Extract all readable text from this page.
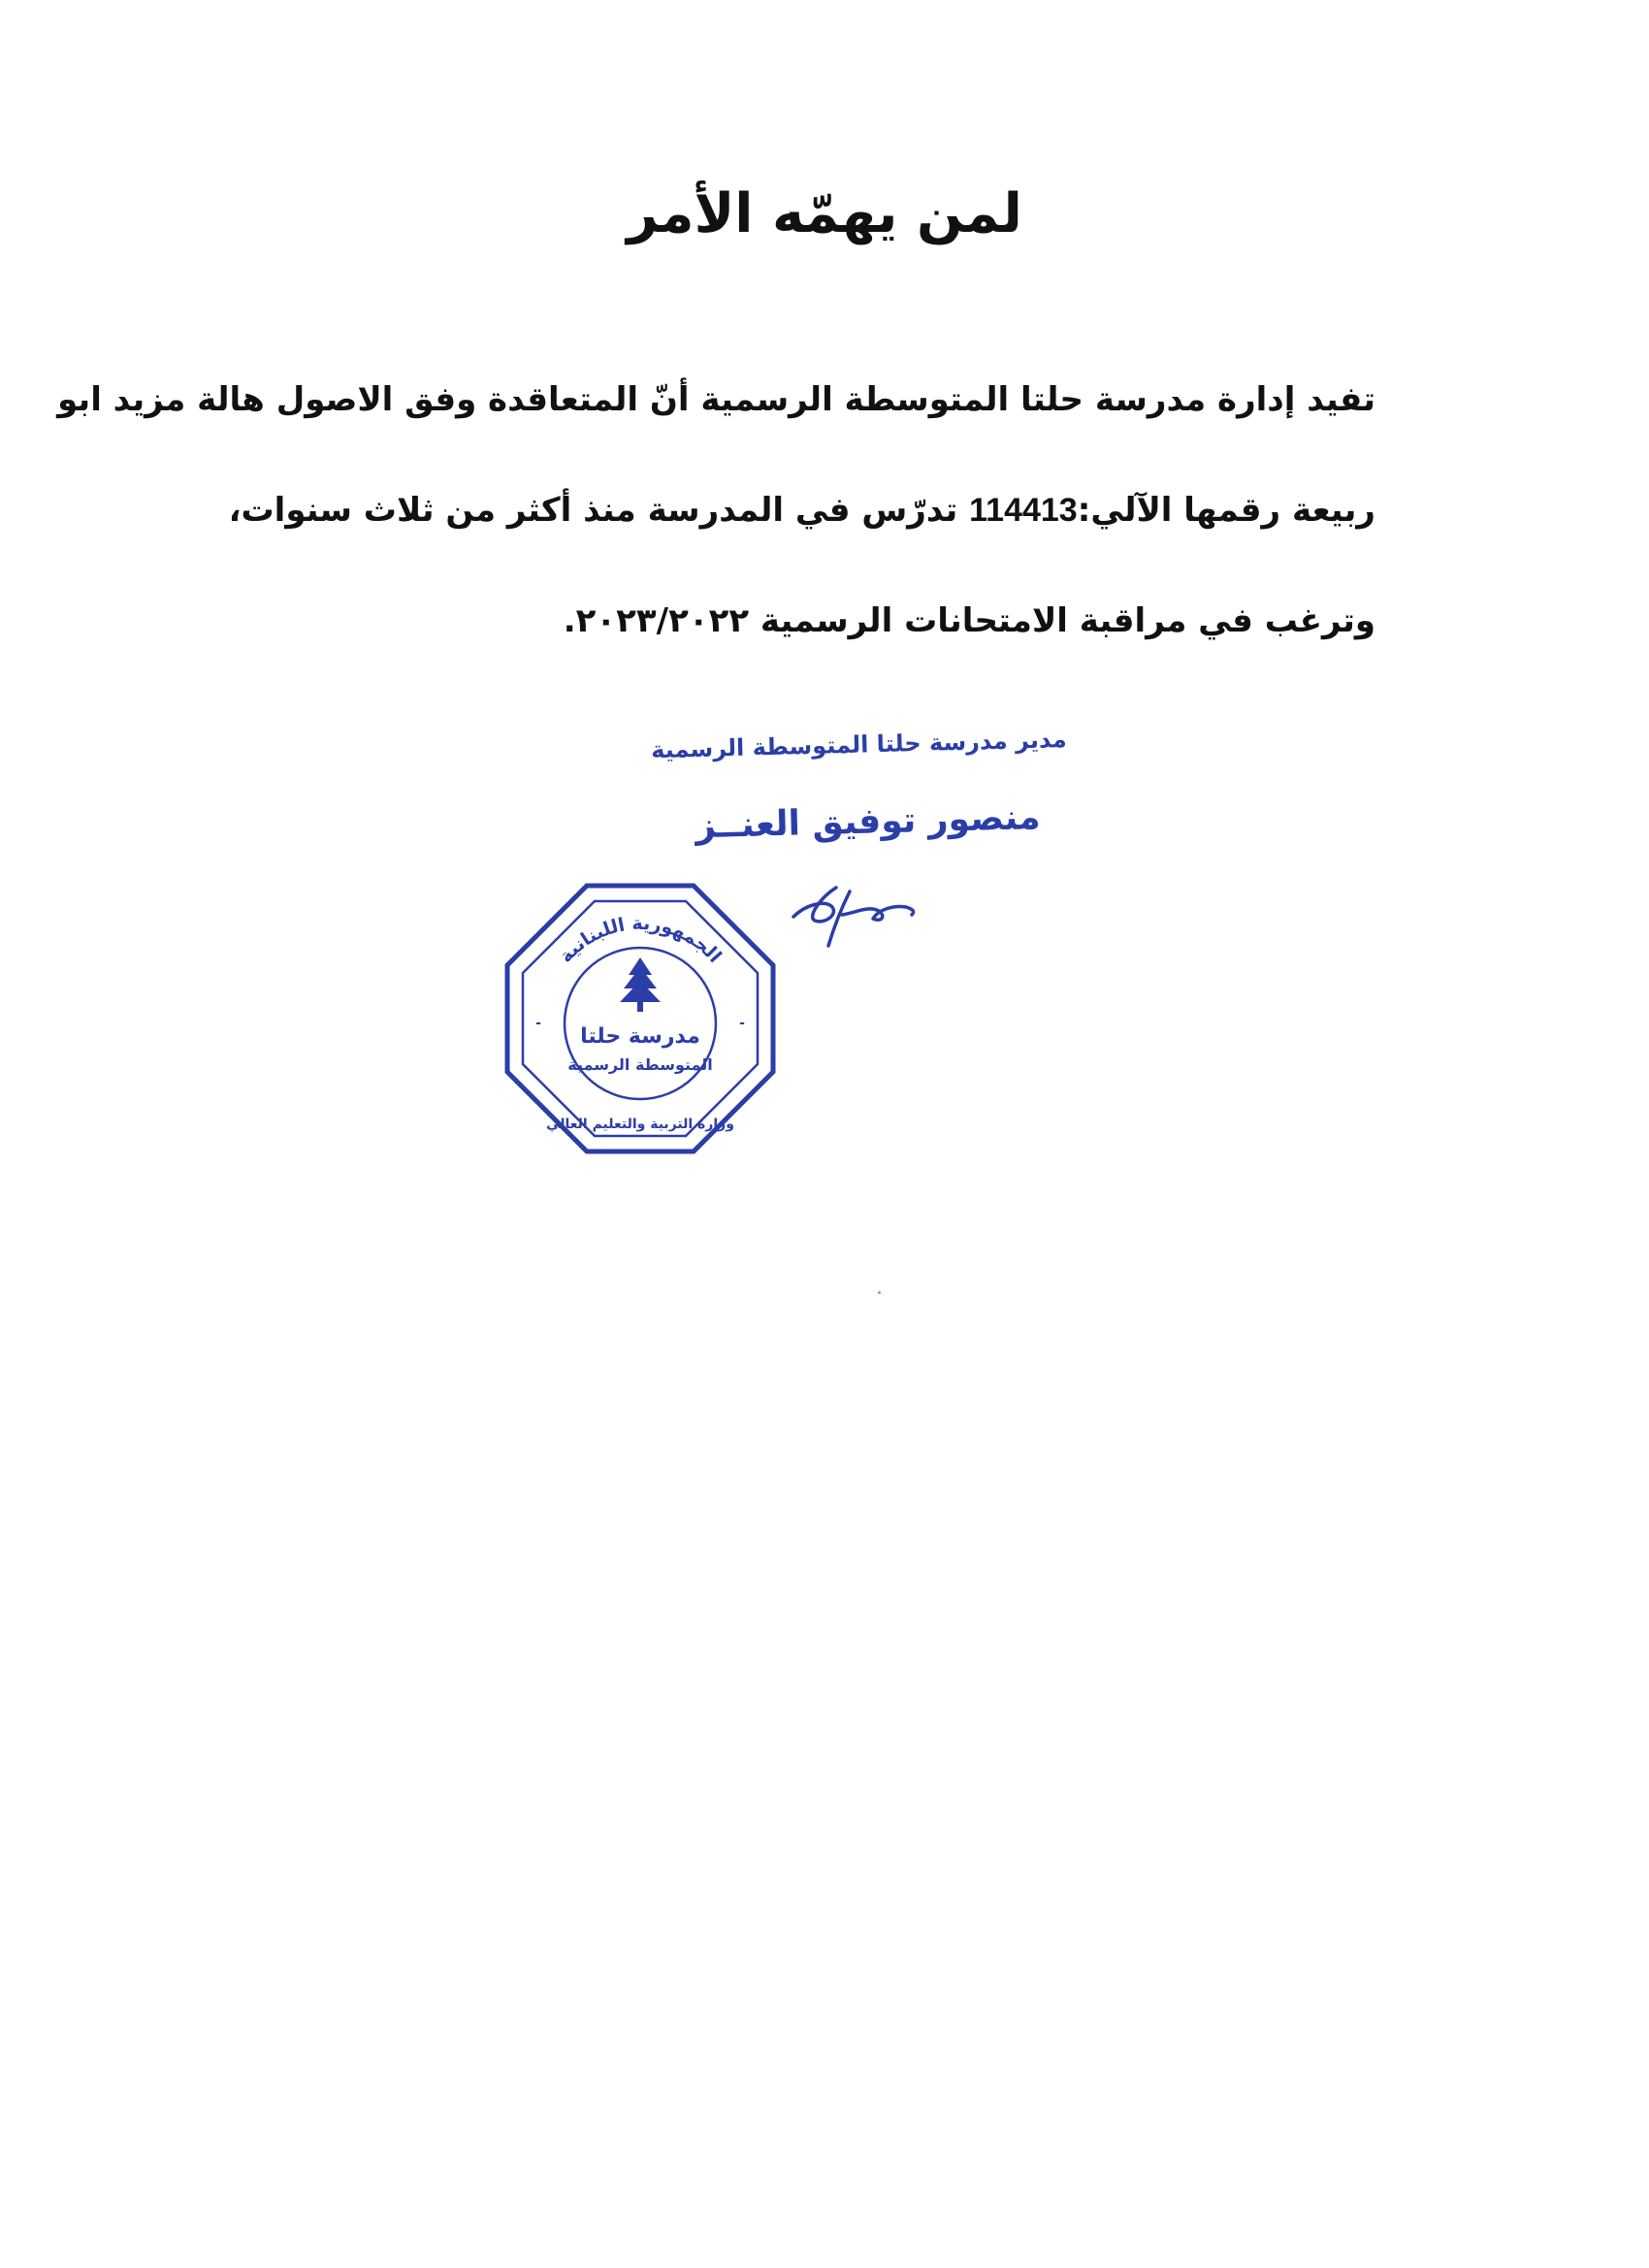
لمن يهمّه الأمر

تفيد إدارة مدرسة حلتا المتوسطة الرسمية أنّ المتعاقدة وفق الاصول هالة مزيد ابو

ربيعة رقمها الآلي:114413 تدرّس في المدرسة منذ أكثر من ثلاث سنوات،

وترغب في مراقبة الامتحانات الرسمية ٢٠٢٣/٢٠٢٢.

مدير مدرسة حلتا المتوسطة الرسمية

منصور توفيق العنــز

الجمهورية اللبنانية
مدرسة حلتا
المتوسطة الرسمية
وزارة التربية والتعليم العالي
-	-
